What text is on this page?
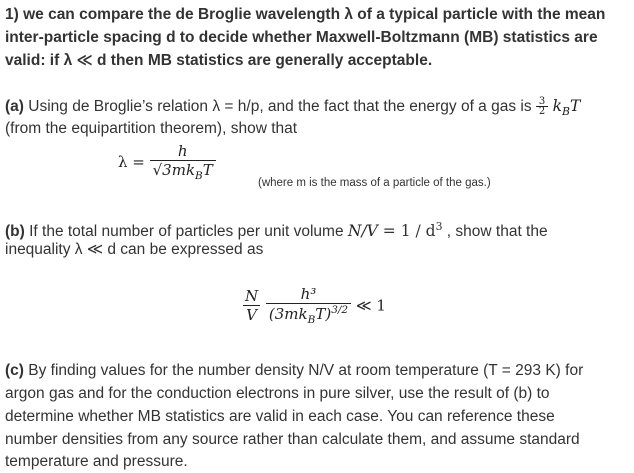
1) we can compare the de Broglie wavelength λ of a typical particle with the mean
inter-particle spacing d to decide whether Maxwell-Boltzmann (MB) statistics are
valid: if λ ≪ d then MB statistics are generally acceptable.
(a) Using de Broglie’s relation λ = h/p, and the fact that the energy of a gas is $\frac{3}{2} k_BT$
(from the equipartition theorem), show that
$\lambda = \frac{h}{√3mk_BT}$
(where m is the mass of a particle of the gas.)
(b) If the total number of particles per unit volume $N/V = 1 / d^3$ , show that the
inequality λ ≪ d can be expressed as
$\frac{N}{V}$
$\frac{\text{h³}}{(3mk_BT)^{3/2}}$ ≪ 1
(c) By finding values for the number density N/V at room temperature (T = 293 K) for
argon gas and for the conduction electrons in pure silver, use the result of (b) to
determine whether MB statistics are valid in each case. You can reference these
number densities from any source rather than calculate them, and assume standard
temperature and pressure.
